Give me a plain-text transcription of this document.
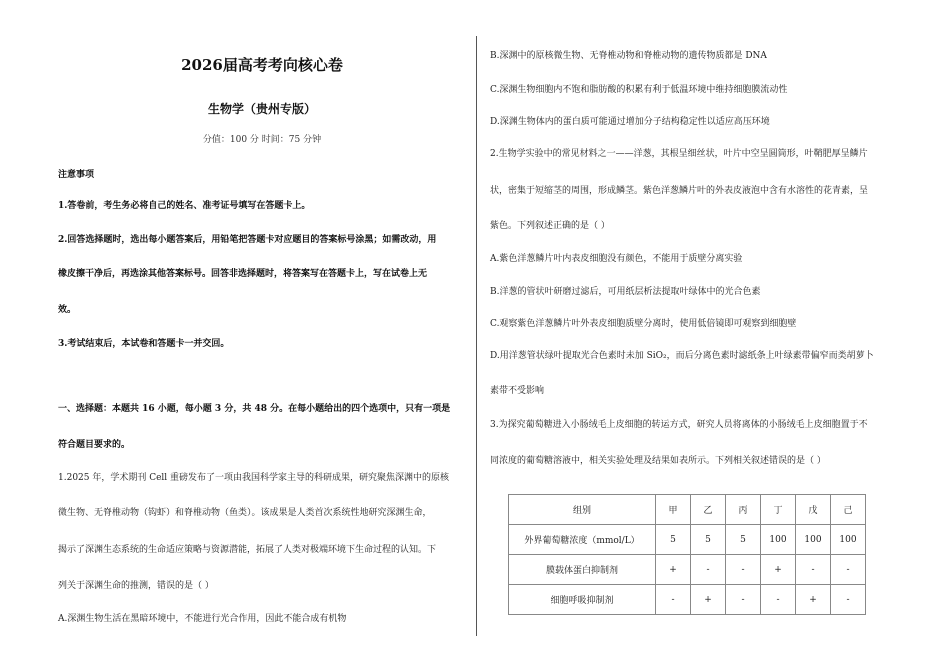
2026届高考考向核心卷
生物学（贵州专版）
分值：100 分 时间：75 分钟
注意事项
1.答卷前，考生务必将自己的姓名、准考证号填写在答题卡上。
2.回答选择题时，选出每小题答案后，用铅笔把答题卡对应题目的答案标号涂黑；如需改动，用
橡皮擦干净后，再选涂其他答案标号。回答非选择题时，将答案写在答题卡上，写在试卷上无
效。
3.考试结束后，本试卷和答题卡一并交回。
一、选择题：本题共 16 小题，每小题 3 分，共 48 分。在每小题给出的四个选项中，只有一项是
符合题目要求的。
1.2025 年，学术期刊 Cell 重磅发布了一项由我国科学家主导的科研成果，研究聚焦深渊中的原核
微生物、无脊椎动物（钩虾）和脊椎动物（鱼类）。该成果是人类首次系统性地研究深渊生命，
揭示了深渊生态系统的生命适应策略与资源潜能，拓展了人类对极端环境下生命过程的认知。下
列关于深渊生命的推测，错误的是（ ）
A.深渊生物生活在黑暗环境中，不能进行光合作用，因此不能合成有机物
B.深渊中的原核微生物、无脊椎动物和脊椎动物的遗传物质都是 DNA
C.深渊生物细胞内不饱和脂肪酸的积累有利于低温环境中维持细胞膜流动性
D.深渊生物体内的蛋白质可能通过增加分子结构稳定性以适应高压环境
2.生物学实验中的常见材料之一——洋葱，其根呈细丝状，叶片中空呈圆筒形，叶鞘肥厚呈鳞片
状，密集于短缩茎的周围，形成鳞茎。紫色洋葱鳞片叶的外表皮液泡中含有水溶性的花青素，呈
紫色。下列叙述正确的是（ ）
A.紫色洋葱鳞片叶内表皮细胞没有颜色，不能用于质壁分离实验
B.洋葱的管状叶研磨过滤后，可用纸层析法提取叶绿体中的光合色素
C.观察紫色洋葱鳞片叶外表皮细胞质壁分离时，使用低倍镜即可观察到细胞壁
D.用洋葱管状绿叶提取光合色素时未加 SiO₂，而后分离色素时滤纸条上叶绿素带偏窄而类胡萝卜
素带不受影响
3.为探究葡萄糖进入小肠绒毛上皮细胞的转运方式，研究人员将离体的小肠绒毛上皮细胞置于不
同浓度的葡萄糖溶液中，相关实验处理及结果如表所示。下列相关叙述错误的是（ ）
组别	甲	乙	丙	丁	戊	己
外界葡萄糖浓度（mmol/L）	5	5	5	100	100	100
膜载体蛋白抑制剂	+	-	-	+	-	-
细胞呼吸抑制剂	-	+	-	-	+	-
